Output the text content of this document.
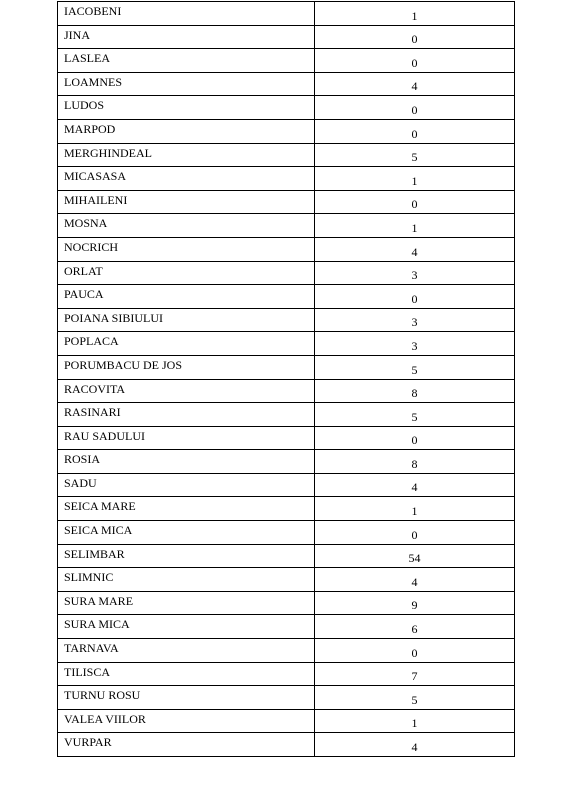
IACOBENI	1
JINA	0
LASLEA	0
LOAMNES	4
LUDOS	0
MARPOD	0
MERGHINDEAL	5
MICASASA	1
MIHAILENI	0
MOSNA	1
NOCRICH	4
ORLAT	3
PAUCA	0
POIANA SIBIULUI	3
POPLACA	3
PORUMBACU DE JOS	5
RACOVITA	8
RASINARI	5
RAU SADULUI	0
ROSIA	8
SADU	4
SEICA MARE	1
SEICA MICA	0
SELIMBAR	54
SLIMNIC	4
SURA MARE	9
SURA MICA	6
TARNAVA	0
TILISCA	7
TURNU ROSU	5
VALEA VIILOR	1
VURPAR	4
